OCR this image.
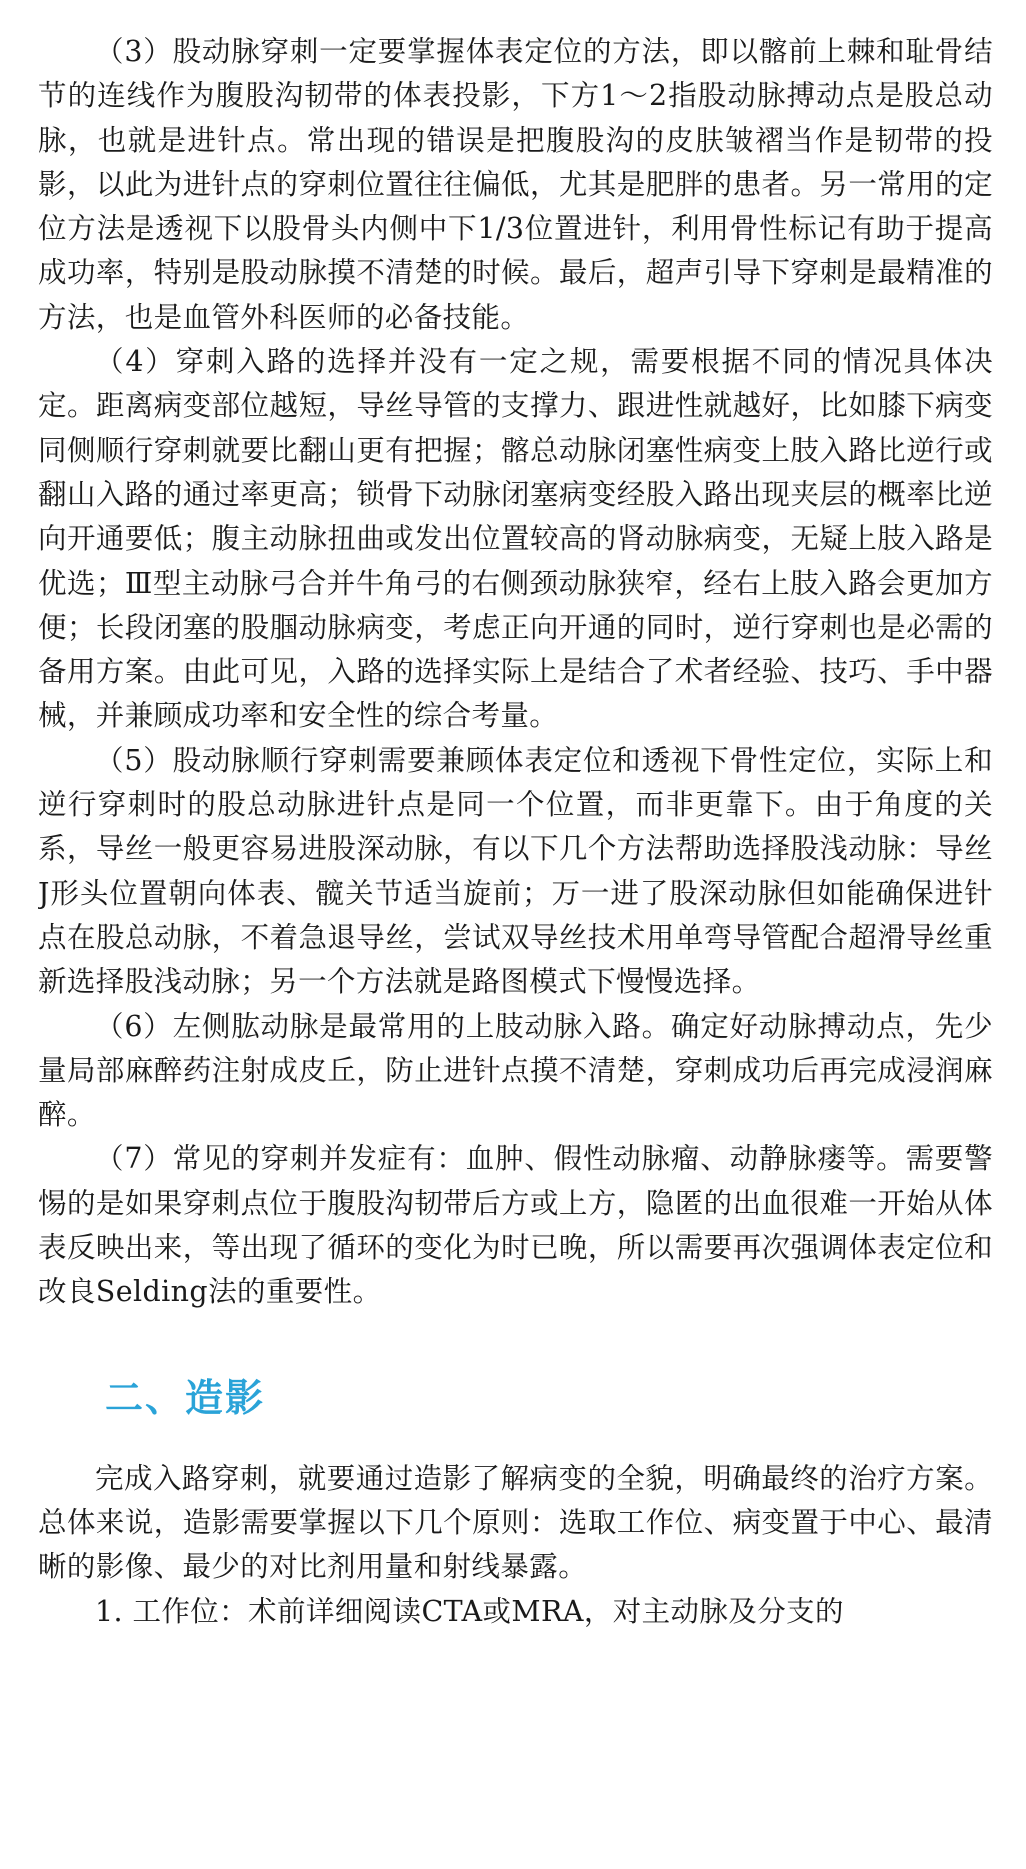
（3）股动脉穿刺一定要掌握体表定位的方法，即以髂前上棘和耻骨结节的连线作为腹股沟韧带的体表投影，下方1～2指股动脉搏动点是股总动脉，也就是进针点。常出现的错误是把腹股沟的皮肤皱褶当作是韧带的投影，以此为进针点的穿刺位置往往偏低，尤其是肥胖的患者。另一常用的定位方法是透视下以股骨头内侧中下1/3位置进针，利用骨性标记有助于提高成功率，特别是股动脉摸不清楚的时候。最后，超声引导下穿刺是最精准的方法，也是血管外科医师的必备技能。

（4）穿刺入路的选择并没有一定之规，需要根据不同的情况具体决定。距离病变部位越短，导丝导管的支撑力、跟进性就越好，比如膝下病变同侧顺行穿刺就要比翻山更有把握；髂总动脉闭塞性病变上肢入路比逆行或翻山入路的通过率更高；锁骨下动脉闭塞病变经股入路出现夹层的概率比逆向开通要低；腹主动脉扭曲或发出位置较高的肾动脉病变，无疑上肢入路是优选；Ⅲ型主动脉弓合并牛角弓的右侧颈动脉狭窄，经右上肢入路会更加方便；长段闭塞的股腘动脉病变，考虑正向开通的同时，逆行穿刺也是必需的备用方案。由此可见，入路的选择实际上是结合了术者经验、技巧、手中器械，并兼顾成功率和安全性的综合考量。

（5）股动脉顺行穿刺需要兼顾体表定位和透视下骨性定位，实际上和逆行穿刺时的股总动脉进针点是同一个位置，而非更靠下。由于角度的关系，导丝一般更容易进股深动脉，有以下几个方法帮助选择股浅动脉：导丝J形头位置朝向体表、髋关节适当旋前；万一进了股深动脉但如能确保进针点在股总动脉，不着急退导丝，尝试双导丝技术用单弯导管配合超滑导丝重新选择股浅动脉；另一个方法就是路图模式下慢慢选择。

（6）左侧肱动脉是最常用的上肢动脉入路。确定好动脉搏动点，先少量局部麻醉药注射成皮丘，防止进针点摸不清楚，穿刺成功后再完成浸润麻醉。

（7）常见的穿刺并发症有：血肿、假性动脉瘤、动静脉瘘等。需要警惕的是如果穿刺点位于腹股沟韧带后方或上方，隐匿的出血很难一开始从体表反映出来，等出现了循环的变化为时已晚，所以需要再次强调体表定位和改良Selding法的重要性。

二、造影

完成入路穿刺，就要通过造影了解病变的全貌，明确最终的治疗方案。总体来说，造影需要掌握以下几个原则：选取工作位、病变置于中心、最清晰的影像、最少的对比剂用量和射线暴露。

1. 工作位：术前详细阅读CTA或MRA，对主动脉及分支的
